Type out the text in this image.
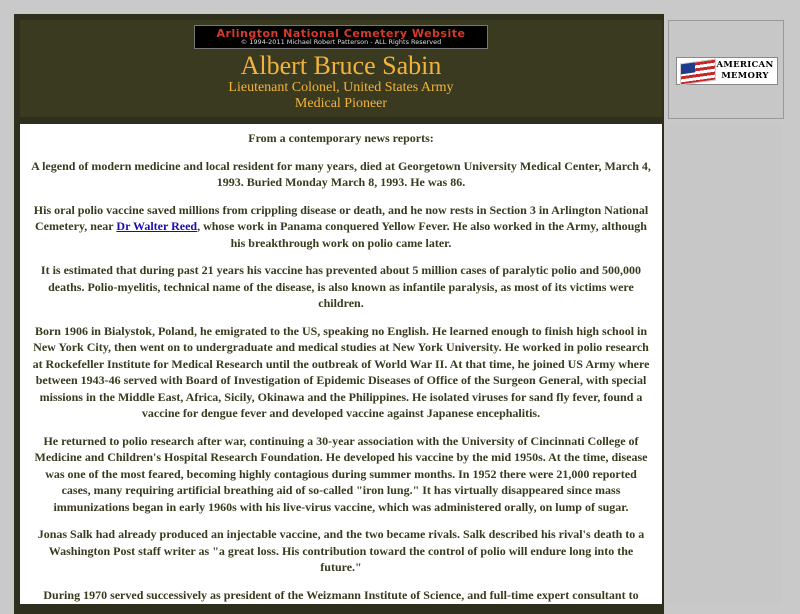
Arlington National Cemetery Website
© 1994-2011 Michael Robert Patterson - ALL Rights Reserved
Albert Bruce Sabin
Lieutenant Colonel, United States Army
Medical Pioneer
AMERICAN MEMORY

From a contemporary news reports:

A legend of modern medicine and local resident for many years, died at Georgetown University Medical Center, March 4, 1993. Buried Monday March 8, 1993. He was 86.

His oral polio vaccine saved millions from crippling disease or death, and he now rests in Section 3 in Arlington National Cemetery, near Dr Walter Reed, whose work in Panama conquered Yellow Fever. He also worked in the Army, although his breakthrough work on polio came later.

It is estimated that during past 21 years his vaccine has prevented about 5 million cases of paralytic polio and 500,000 deaths. Polio-myelitis, technical name of the disease, is also known as infantile paralysis, as most of its victims were children.

Born 1906 in Bialystok, Poland, he emigrated to the US, speaking no English. He learned enough to finish high school in New York City, then went on to undergraduate and medical studies at New York University. He worked in polio research at Rockefeller Institute for Medical Research until the outbreak of World War II. At that time, he joined US Army where between 1943-46 served with Board of Investigation of Epidemic Diseases of Office of the Surgeon General, with special missions in the Middle East, Africa, Sicily, Okinawa and the Philippines. He isolated viruses for sand fly fever, found a vaccine for dengue fever and developed vaccine against Japanese encephalitis.

He returned to polio research after war, continuing a 30-year association with the University of Cincinnati College of Medicine and Children's Hospital Research Foundation. He developed his vaccine by the mid 1950s. At the time, disease was one of the most feared, becoming highly contagious during summer months. In 1952 there were 21,000 reported cases, many requiring artificial breathing aid of so-called "iron lung." It has virtually disappeared since mass immunizations began in early 1960s with his live-virus vaccine, which was administered orally, on lump of sugar.

Jonas Salk had already produced an injectable vaccine, and the two became rivals. Salk described his rival's death to a Washington Post staff writer as "a great loss. His contribution toward the control of polio will endure long into the future."

During 1970 served successively as president of the Weizmann Institute of Science, and full-time expert consultant to
